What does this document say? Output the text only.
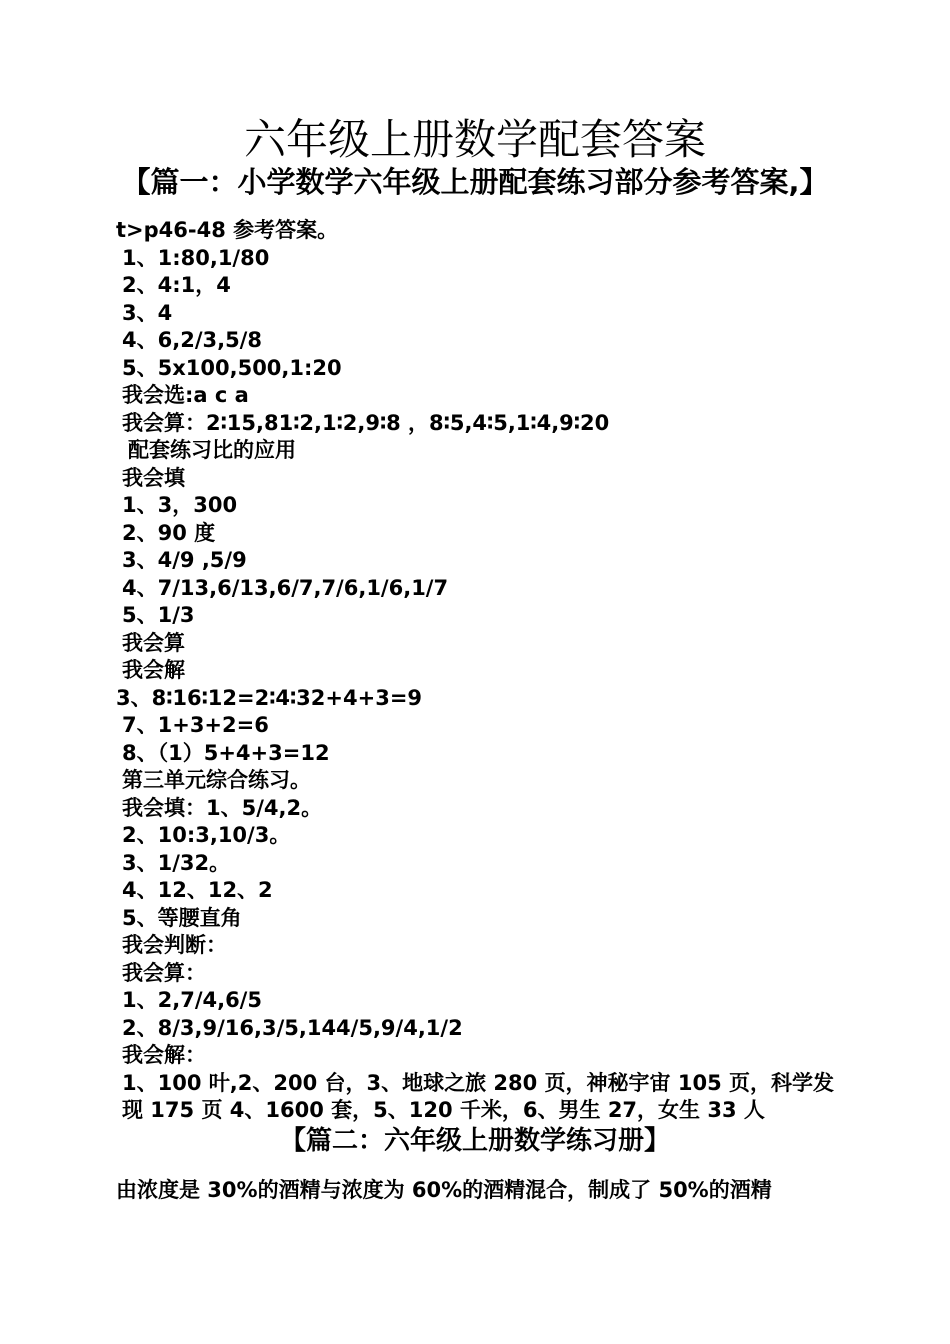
六年级上册数学配套答案
【篇一：小学数学六年级上册配套练习部分参考答案,】
t>p46-48 参考答案。
1、1:80,1/80
2、4:1，4
3、4
4、6,2/3,5/8
5、5x100,500,1:20
我会选:a c a
我会算：2∶15,81∶2,1∶2,9∶8 ，8∶5,4∶5,1∶4,9∶20
配套练习比的应用
我会填
1、3，300
2、90 度
3、4/9 ,5/9
4、7/13,6/13,6/7,7/6,1/6,1/7
5、1/3
我会算
我会解
3、8∶16∶12=2∶4∶32+4+3=9
7、1+3+2=6
8、（1）5+4+3=12
第三单元综合练习。
我会填：1、5/4,2。
2、10:3,10/3。
3、1/32。
4、12、12、2
5、等腰直角
我会判断：
我会算：
1、2,7/4,6/5
2、8/3,9/16,3/5,144/5,9/4,1/2
我会解：
1、100 叶,2、200 台，3、地球之旅 280 页，神秘宇宙 105 页，科学发现 175 页 4、1600 套，5、120 千米，6、男生 27，女生 33 人
【篇二：六年级上册数学练习册】
由浓度是 30%的酒精与浓度为 60%的酒精混合，制成了 50%的酒精
